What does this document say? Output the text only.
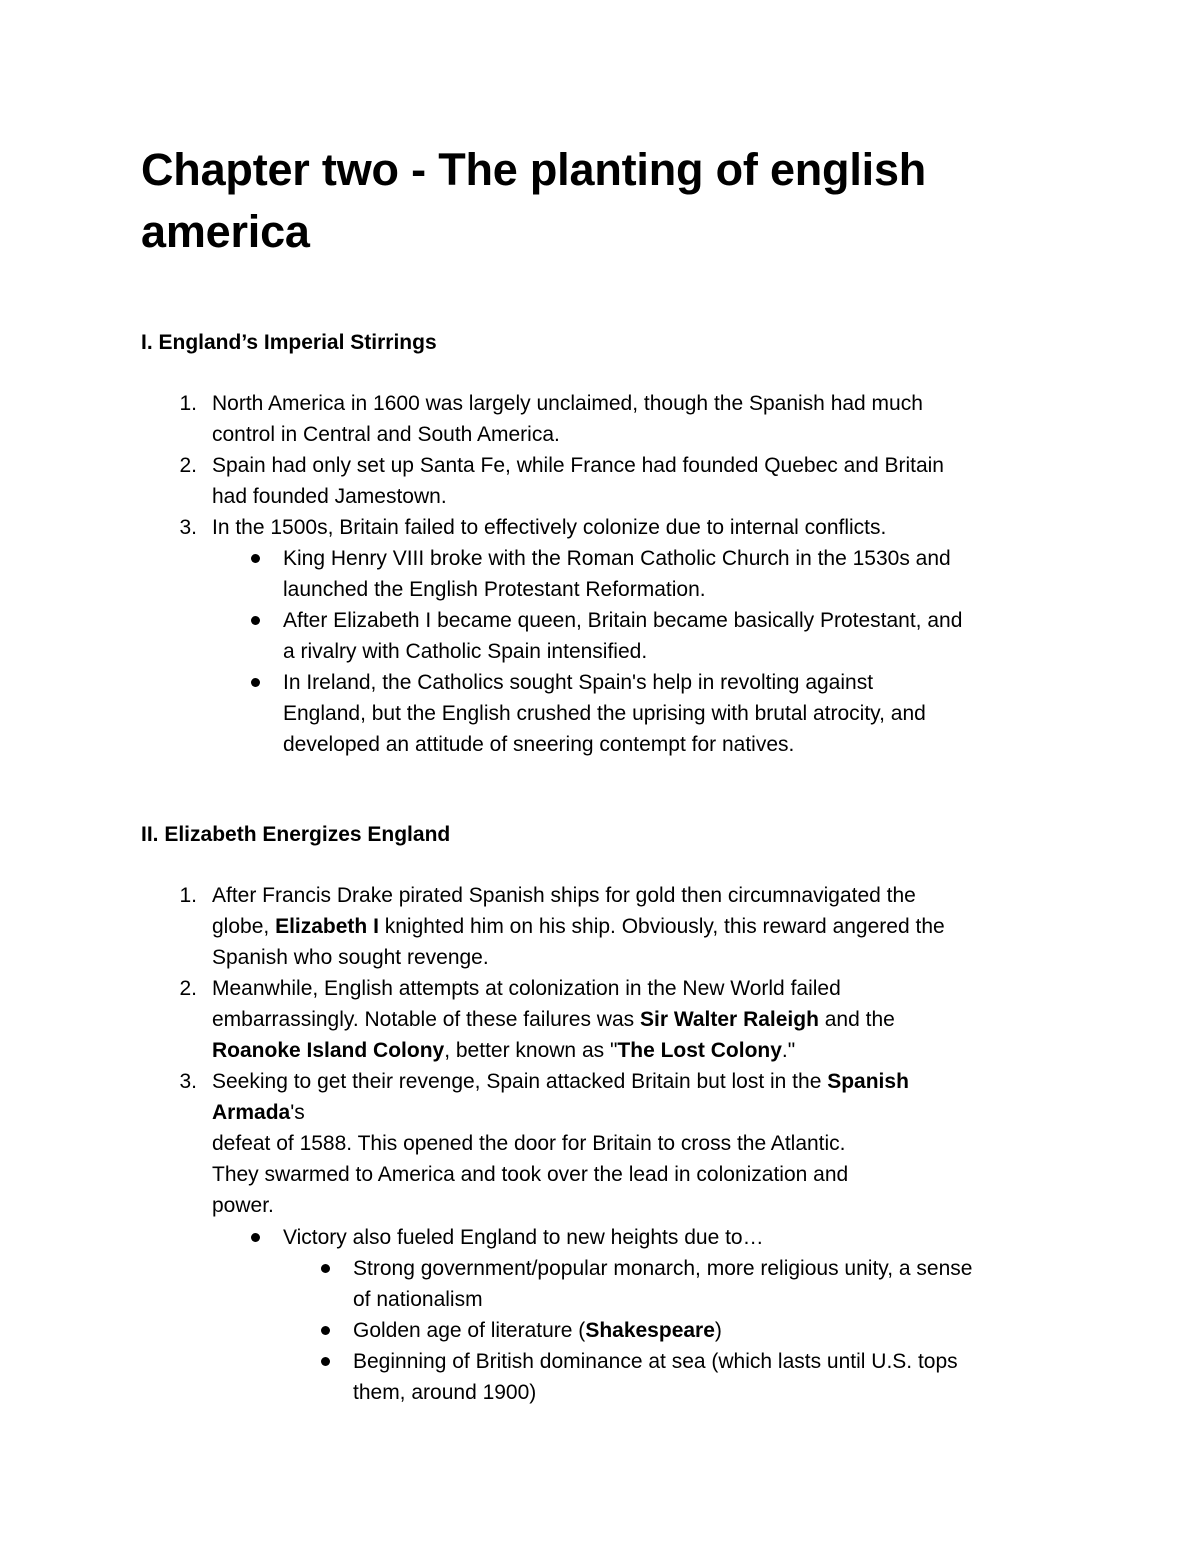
Chapter two - The planting of english america
I. England’s Imperial Stirrings
1. North America in 1600 was largely unclaimed, though the Spanish had much
control in Central and South America.
2. Spain had only set up Santa Fe, while France had founded Quebec and Britain
had founded Jamestown.
3. In the 1500s, Britain failed to effectively colonize due to internal conflicts.
King Henry VIII broke with the Roman Catholic Church in the 1530s and
launched the English Protestant Reformation.
After Elizabeth I became queen, Britain became basically Protestant, and
a rivalry with Catholic Spain intensified.
In Ireland, the Catholics sought Spain's help in revolting against
England, but the English crushed the uprising with brutal atrocity, and
developed an attitude of sneering contempt for natives.
II. Elizabeth Energizes England
1. After Francis Drake pirated Spanish ships for gold then circumnavigated the
globe, Elizabeth I knighted him on his ship. Obviously, this reward angered the
Spanish who sought revenge.
2. Meanwhile, English attempts at colonization in the New World failed
embarrassingly. Notable of these failures was Sir Walter Raleigh and the
Roanoke Island Colony, better known as "The Lost Colony."
3. Seeking to get their revenge, Spain attacked Britain but lost in the Spanish
Armada's
defeat of 1588. This opened the door for Britain to cross the Atlantic.
They swarmed to America and took over the lead in colonization and
power.
Victory also fueled England to new heights due to…
Strong government/popular monarch, more religious unity, a sense
of nationalism
Golden age of literature (Shakespeare)
Beginning of British dominance at sea (which lasts until U.S. tops
them, around 1900)
